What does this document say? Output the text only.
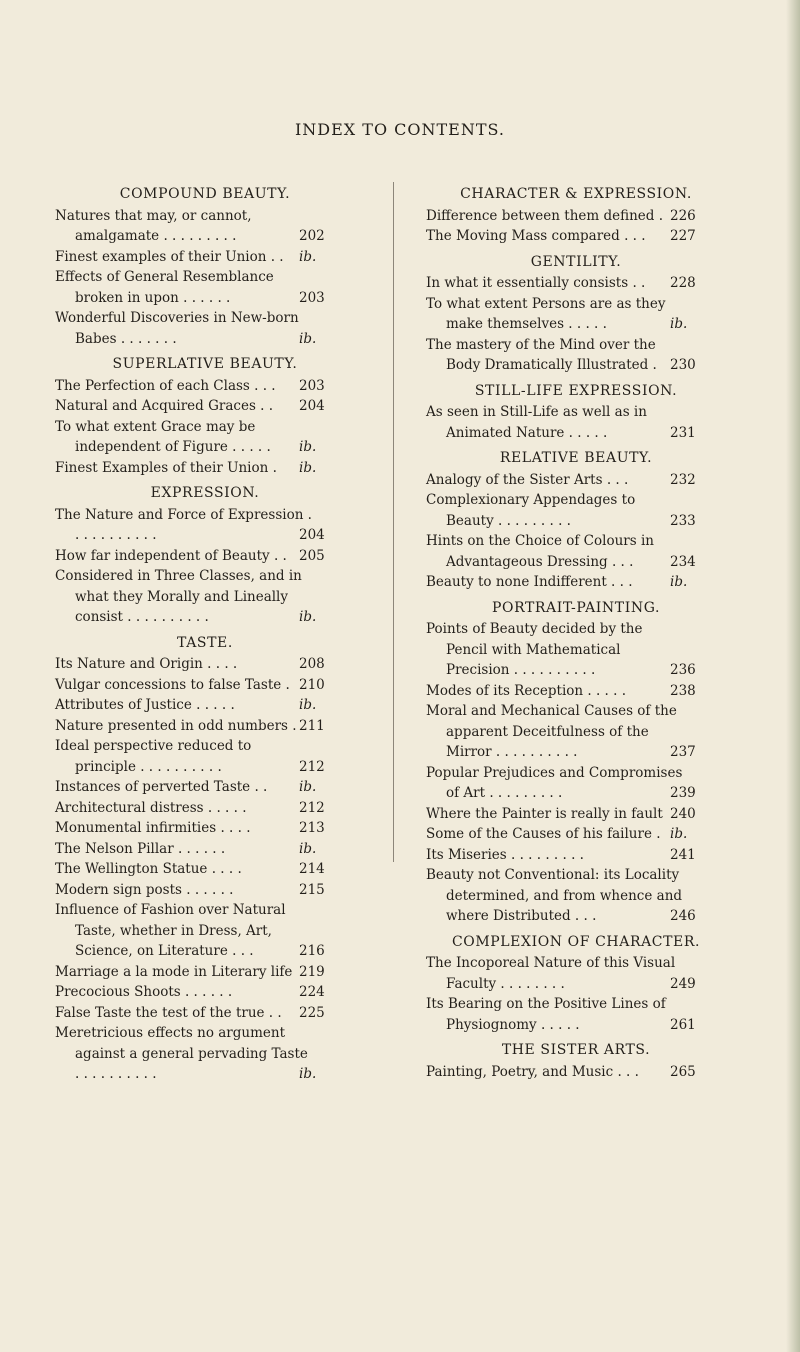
INDEX TO CONTENTS.
COMPOUND BEAUTY.
Natures that may, or cannot, amalgamate . . . . . . . . .	202
Finest examples of their Union . . ib.
Effects of General Resemblance broken in upon . . . . . .	203
Wonderful Discoveries in New-born Babes . . . . . . .	ib.
SUPERLATIVE BEAUTY.
The Perfection of each Class . . . 203
Natural and Acquired Graces . . 204
To what extent Grace may be independent of Figure . . . . . ib.
Finest Examples of their Union . ib.
EXPRESSION.
The Nature and Force of Expression . . . . . . . . . . .	204
How far independent of Beauty . . 205
Considered in Three Classes, and in what they Morally and Lineally consist . . . . . . . . . .	ib.
TASTE.
Its Nature and Origin . . . .	208
Vulgar concessions to false Taste . 210
Attributes of Justice . . . . .	ib.
Nature presented in odd numbers . 211
Ideal perspective reduced to principle . . . . . . . . . .	212
Instances of perverted Taste . . ib.
Architectural distress . . . . .	212
Monumental infirmities . . . .	213
The Nelson Pillar . . . . . .	ib.
The Wellington Statue . . . .	214
Modern sign posts . . . . . .	215
Influence of Fashion over Natural Taste, whether in Dress, Art, Science, on Literature . . .	216
Marriage a la mode in Literary life 219
Precocious Shoots . . . . . .	224
False Taste the test of the true . . 225
Meretricious effects no argument against a general pervading Taste . . . . . . . . . .	ib.
CHARACTER & EXPRESSION.
Difference between them defined . 226
The Moving Mass compared . . . 227
GENTILITY.
In what it essentially consists . . 228
To what extent Persons are as they make themselves . . . . .	ib.
The mastery of the Mind over the Body Dramatically Illustrated . 230
STILL-LIFE EXPRESSION.
As seen in Still-Life as well as in Animated Nature . . . . .	231
RELATIVE BEAUTY.
Analogy of the Sister Arts . . .	232
Complexionary Appendages to Beauty . . . . . . . . .	233
Hints on the Choice of Colours in Advantageous Dressing . . .	234
Beauty to none Indifferent . . .	ib.
PORTRAIT-PAINTING.
Points of Beauty decided by the Pencil with Mathematical Precision . . . . . . . . . .	236
Modes of its Reception . . . . .	238
Moral and Mechanical Causes of the apparent Deceitfulness of the Mirror . . . . . . . . . .	237
Popular Prejudices and Compromises of Art . . . . . . . . .	239
Where the Painter is really in fault 240
Some of the Causes of his failure . ib.
Its Miseries . . . . . . . . .	241
Beauty not Conventional: its Locality determined, and from whence and where Distributed . . .	246
COMPLEXION OF CHARACTER.
The Incoporeal Nature of this Visual Faculty . . . . . . . .	249
Its Bearing on the Positive Lines of Physiognomy . . . . .	261
THE SISTER ARTS.
Painting, Poetry, and Music . . . 265
